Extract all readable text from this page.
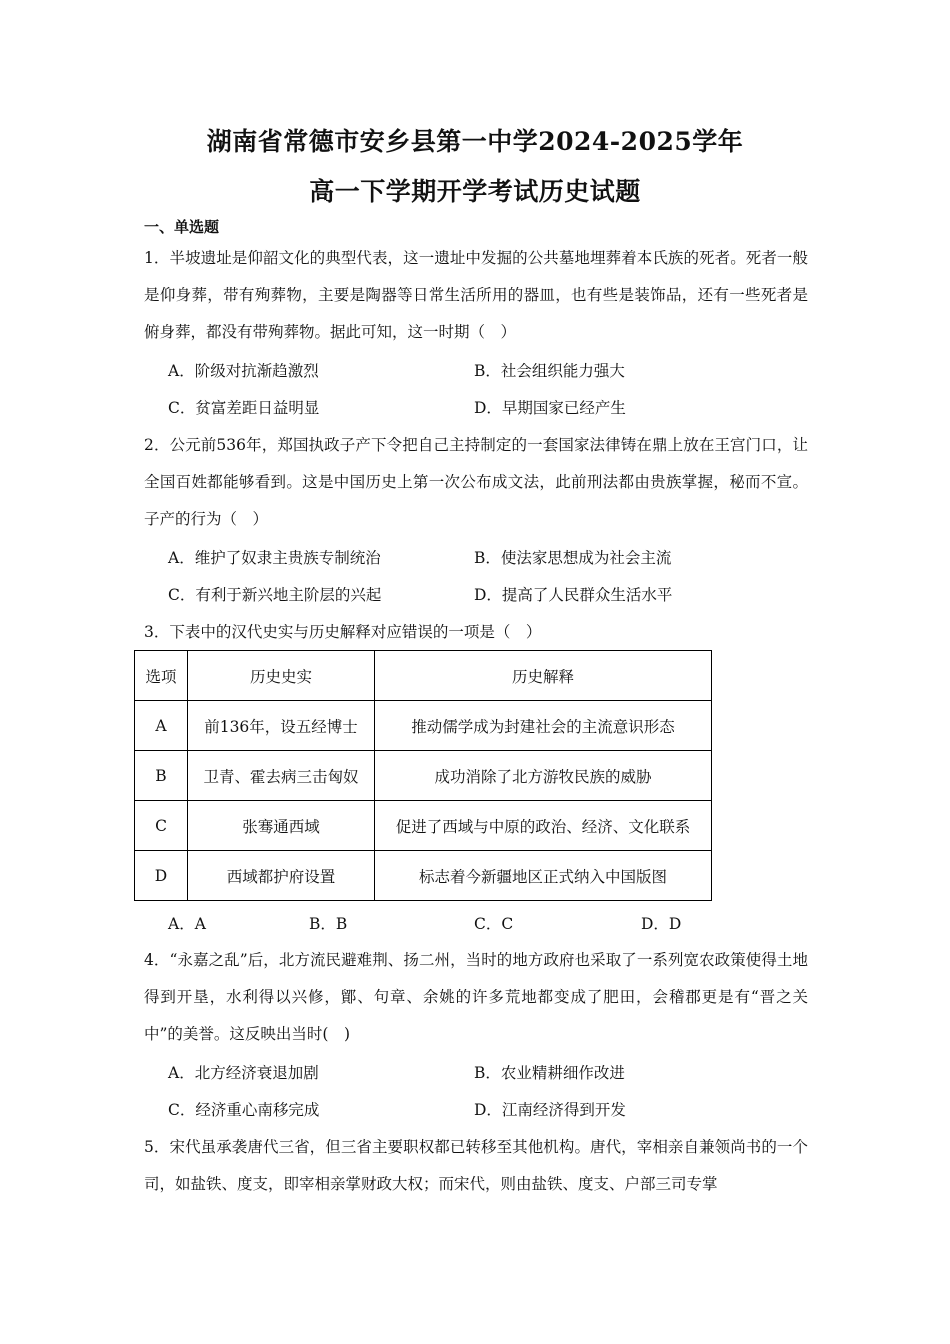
湖南省常德市安乡县第一中学2024-2025学年
高一下学期开学考试历史试题
一、单选题
1．半坡遗址是仰韶文化的典型代表，这一遗址中发掘的公共墓地埋葬着本氏族的死者。死者一般是仰身葬，带有殉葬物，主要是陶器等日常生活所用的器皿，也有些是装饰品，还有一些死者是俯身葬，都没有带殉葬物。据此可知，这一时期（　）
A．阶级对抗渐趋激烈	B．社会组织能力强大
C．贫富差距日益明显	D．早期国家已经产生
2．公元前536年，郑国执政子产下令把自己主持制定的一套国家法律铸在鼎上放在王宫门口，让全国百姓都能够看到。这是中国历史上第一次公布成文法，此前刑法都由贵族掌握，秘而不宣。子产的行为（　）
A．维护了奴隶主贵族专制统治	B．使法家思想成为社会主流
C．有利于新兴地主阶层的兴起	D．提高了人民群众生活水平
3．下表中的汉代史实与历史解释对应错误的一项是（　）
选项	历史史实	历史解释
A	前136年，设五经博士	推动儒学成为封建社会的主流意识形态
B	卫青、霍去病三击匈奴	成功消除了北方游牧民族的威胁
C	张骞通西域	促进了西域与中原的政治、经济、文化联系
D	西域都护府设置	标志着今新疆地区正式纳入中国版图
A．A	B．B	C．C	D．D
4．“永嘉之乱”后，北方流民避难荆、扬二州，当时的地方政府也采取了一系列宽农政策使得土地得到开垦，水利得以兴修，鄮、句章、余姚的许多荒地都变成了肥田，会稽郡更是有“晋之关中”的美誉。这反映出当时(　)
A．北方经济衰退加剧	B．农业精耕细作改进
C．经济重心南移完成	D．江南经济得到开发
5．宋代虽承袭唐代三省，但三省主要职权都已转移至其他机构。唐代，宰相亲自兼领尚书的一个司，如盐铁、度支，即宰相亲掌财政大权；而宋代，则由盐铁、度支、户部三司专掌
